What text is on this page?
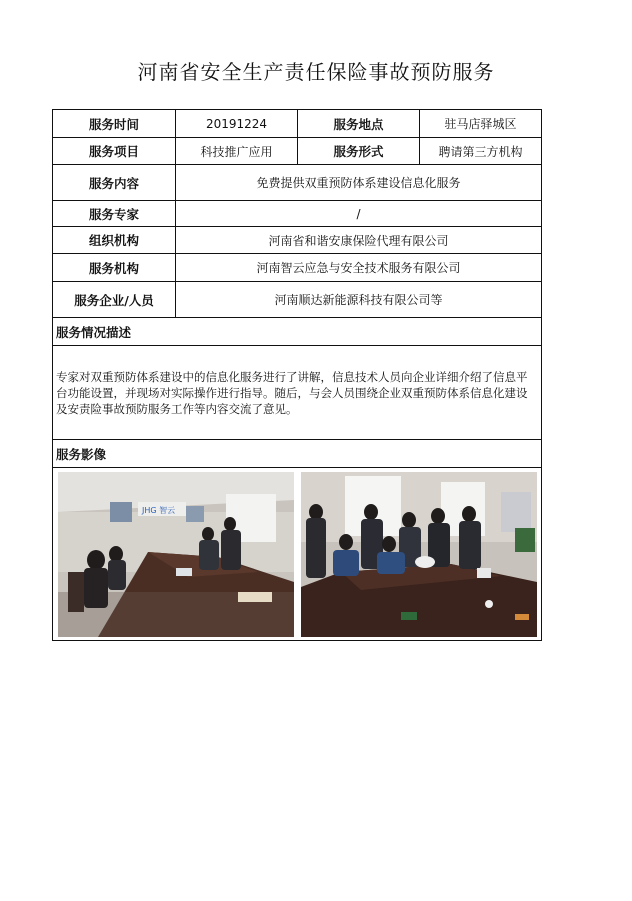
河南省安全生产责任保险事故预防服务
服务时间	20191224	服务地点	驻马店驿城区
服务项目	科技推广应用	服务形式	聘请第三方机构
服务内容	免费提供双重预防体系建设信息化服务
服务专家	/
组织机构	河南省和谐安康保险代理有限公司
服务机构	河南智云应急与安全技术服务有限公司
服务企业/人员	河南顺达新能源科技有限公司等
服务情况描述
专家对双重预防体系建设中的信息化服务进行了讲解，信息技术人员向企业详细介绍了信息平台功能设置，并现场对实际操作进行指导。随后，与会人员围绕企业双重预防体系信息化建设及安责险事故预防服务工作等内容交流了意见。
服务影像
JHG 智云
